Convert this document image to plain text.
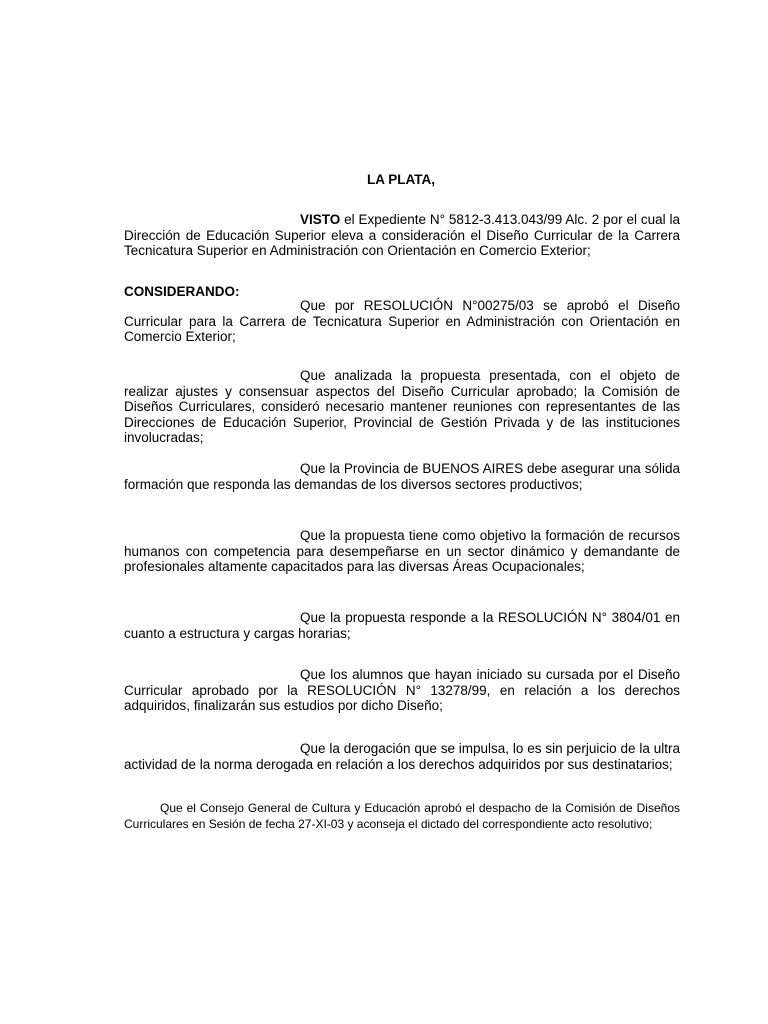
LA PLATA,

VISTO el Expediente N° 5812-3.413.043/99 Alc. 2 por el cual la Dirección de Educación Superior eleva a consideración el Diseño Curricular de la Carrera Tecnicatura Superior en Administración con Orientación en Comercio Exterior;

CONSIDERANDO:

Que por RESOLUCIÓN N°00275/03 se aprobó el Diseño Curricular para la Carrera de Tecnicatura Superior en Administración con Orientación en Comercio Exterior;

Que analizada la propuesta presentada, con el objeto de realizar ajustes y consensuar aspectos del Diseño Curricular aprobado; la Comisión de Diseños Curriculares, consideró necesario mantener reuniones con representantes de las Direcciones de Educación Superior, Provincial de Gestión Privada y de las instituciones involucradas;

Que la Provincia de BUENOS AIRES debe asegurar una sólida formación que responda las demandas de los diversos sectores productivos;

Que la propuesta tiene como objetivo la formación de recursos humanos con competencia para desempeñarse en un sector dinámico y demandante de profesionales altamente capacitados para las diversas Áreas Ocupacionales;

Que la propuesta responde a la RESOLUCIÓN N° 3804/01 en cuanto a estructura y cargas horarias;

Que los alumnos que hayan iniciado su cursada por el Diseño Curricular aprobado por la RESOLUCIÓN N° 13278/99, en relación a los derechos adquiridos, finalizarán sus estudios por dicho Diseño;

Que la derogación que se impulsa, lo es sin perjuicio de la ultra actividad de la norma derogada en relación a los derechos adquiridos por sus destinatarios;

Que el Consejo General de Cultura y Educación aprobó el despacho de la Comisión de Diseños Curriculares en Sesión de fecha 27-XI-03 y aconseja el dictado del correspondiente acto resolutivo;
